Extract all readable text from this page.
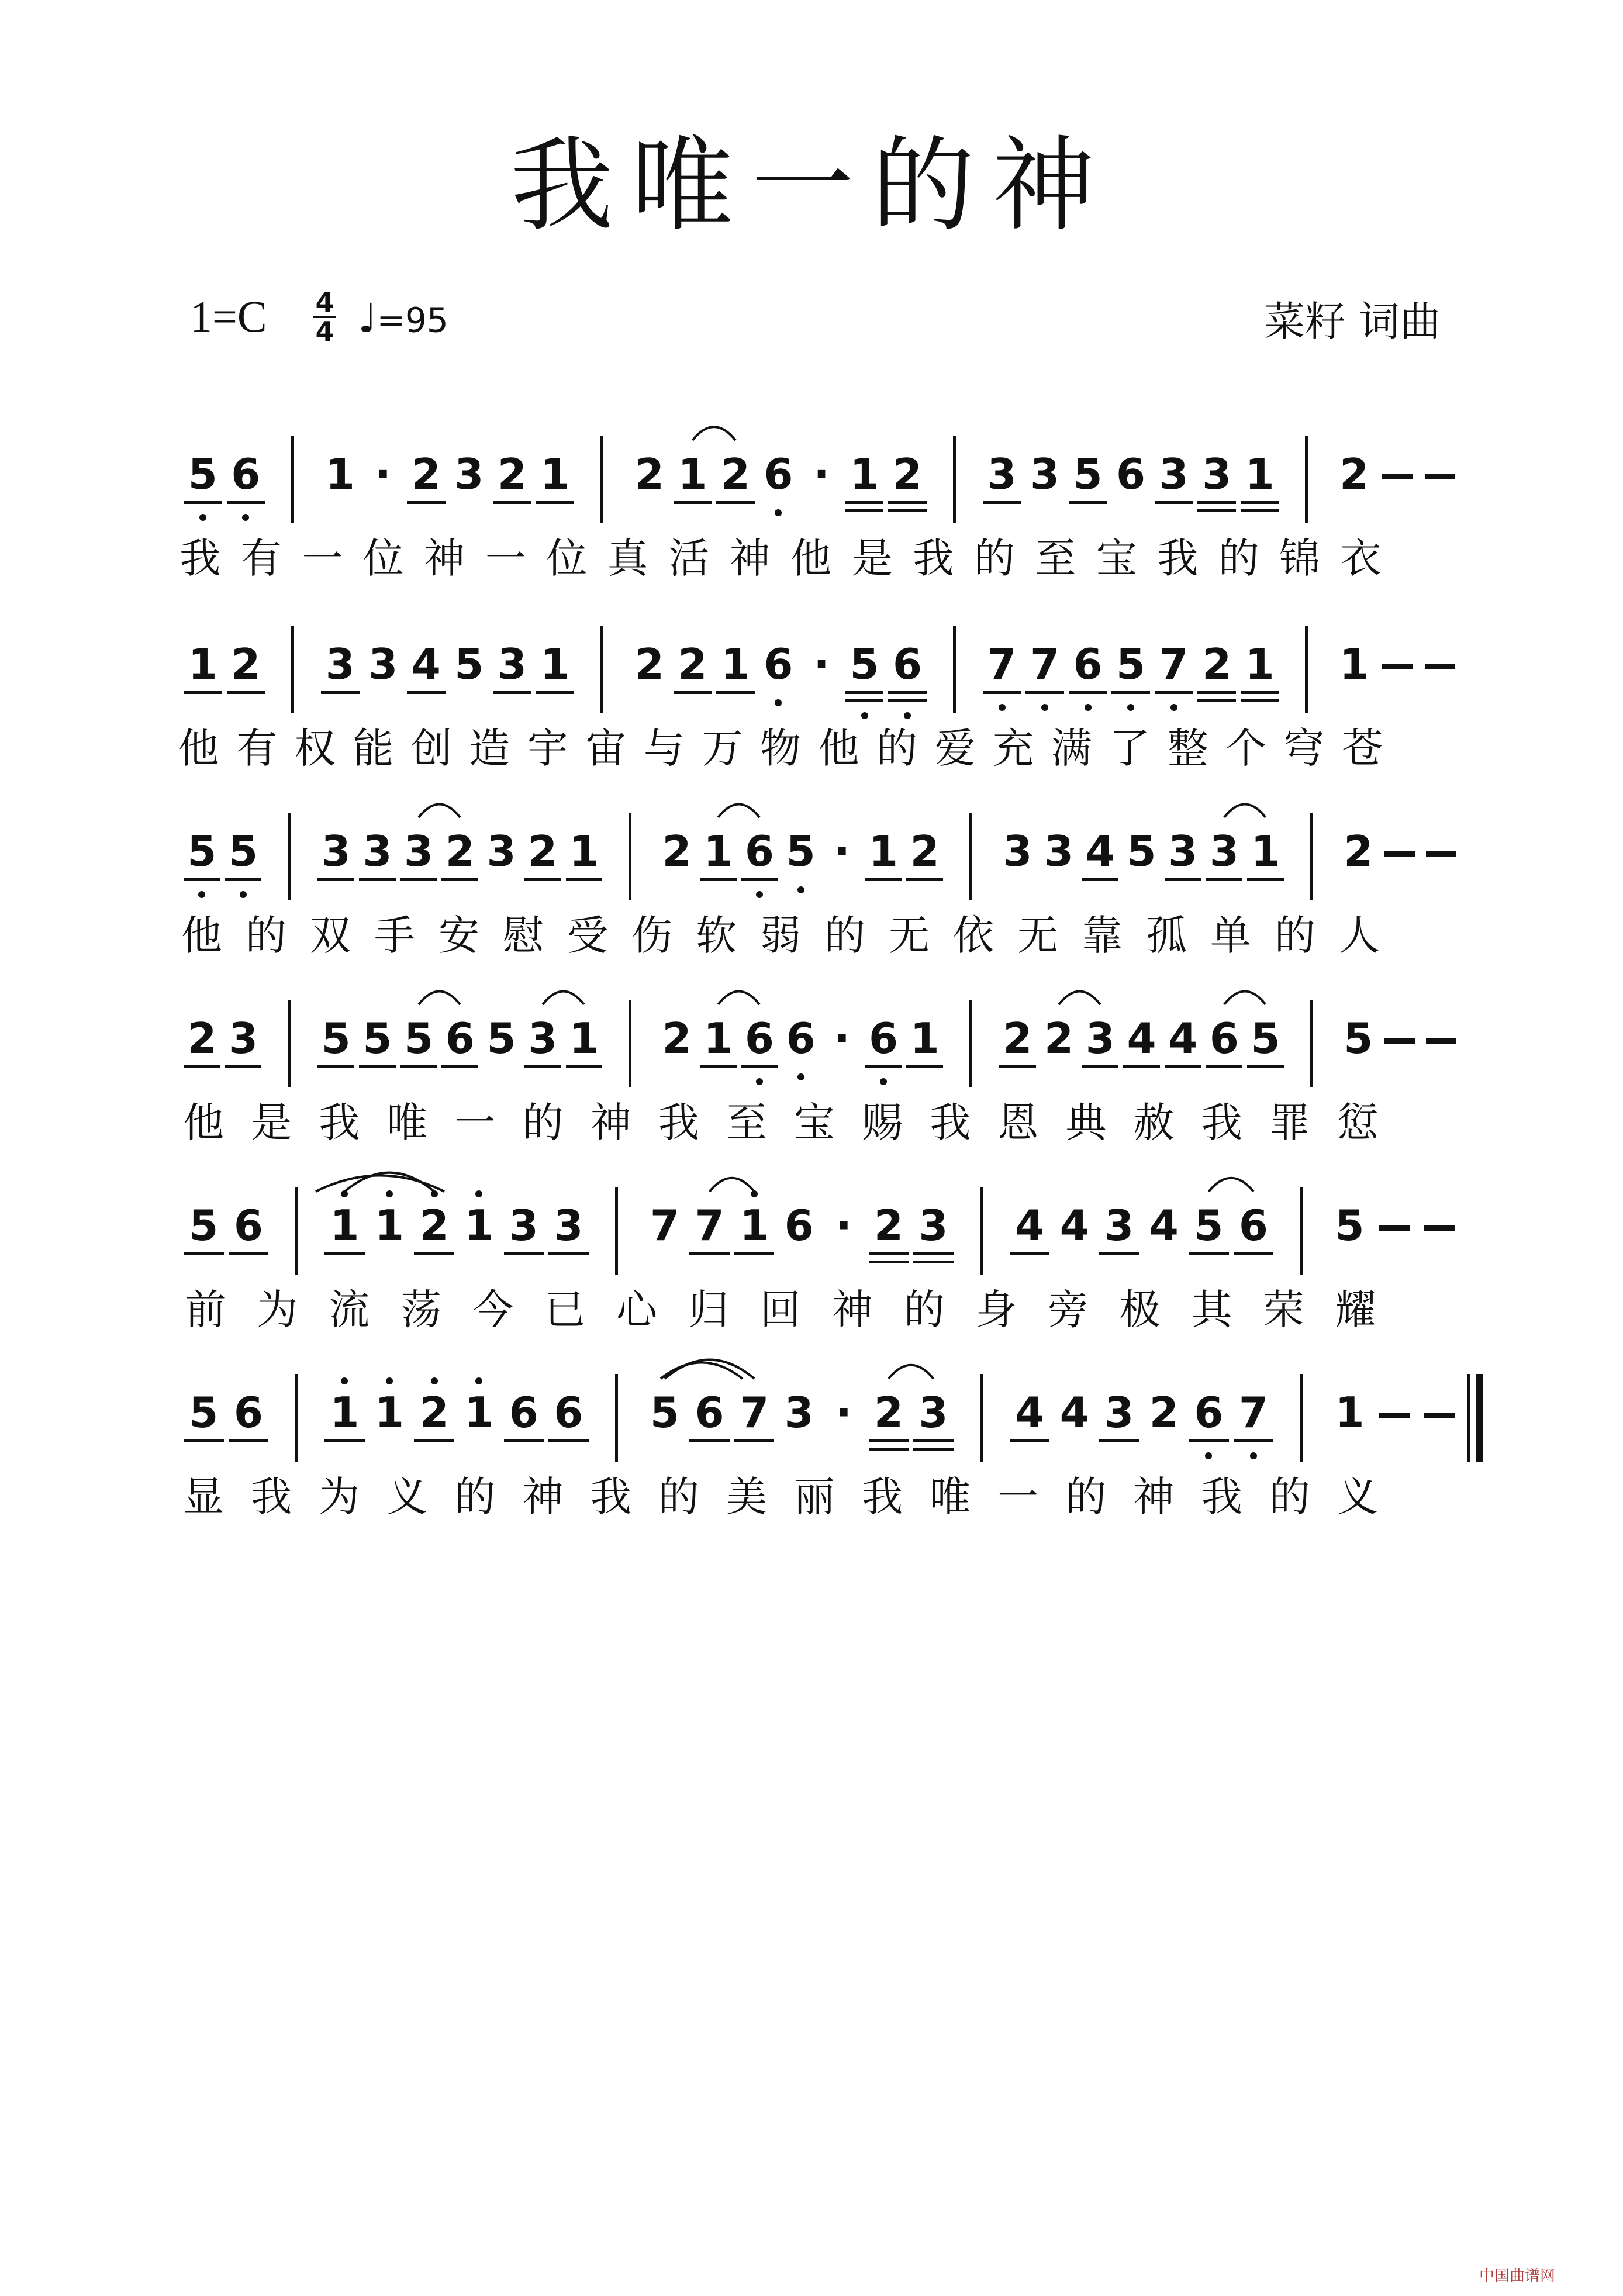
我唯一的神
$1=C \frac{4}{4}$ ♩=95	菜籽 词曲
中国曲谱网
5 6 1 · 2 3 2 1 2 1 2 6 · 1 2 3 3 5 6 3 3 1 2
我 有 一 位 神 一 位 真 活 神 他 是 我 的 至 宝 我 的 锦 衣
1 2 3 3 4 5 3 1 2 2 1 6 · 5 6 7 7 6 5 7 2 1 1
他 有 权 能 创 造 宇 宙 与 万 物 他 的 爱 充 满 了 整 个 穹 苍
5 5 3 3 3 2 3 2 1 2 1 6 5 · 1 2 3 3 4 5 3 3 1 2
他 的 双 手 安 慰 受 伤 软 弱 的 无 依 无 靠 孤 单 的 人
2 3 5 5 5 6 5 3 1 2 1 6 6 · 6 1 2 2 3 4 4 6 5 5
他 是 我 唯 一 的 神 我 至 宝 赐 我 恩 典 赦 我 罪 愆
5 6 1 1 2 1 3 3 7 7 1 6 · 2 3 4 4 3 4 5 6 5
前 为 流 荡 今 已 心 归 回 神 的 身 旁 极 其 荣 耀
5 6 1 1 2 1 6 6 5 6 7 3 · 2 3 4 4 3 2 6 7 1
显 我 为 义 的 神 我 的 美 丽 我 唯 一 的 神 我 的 义
